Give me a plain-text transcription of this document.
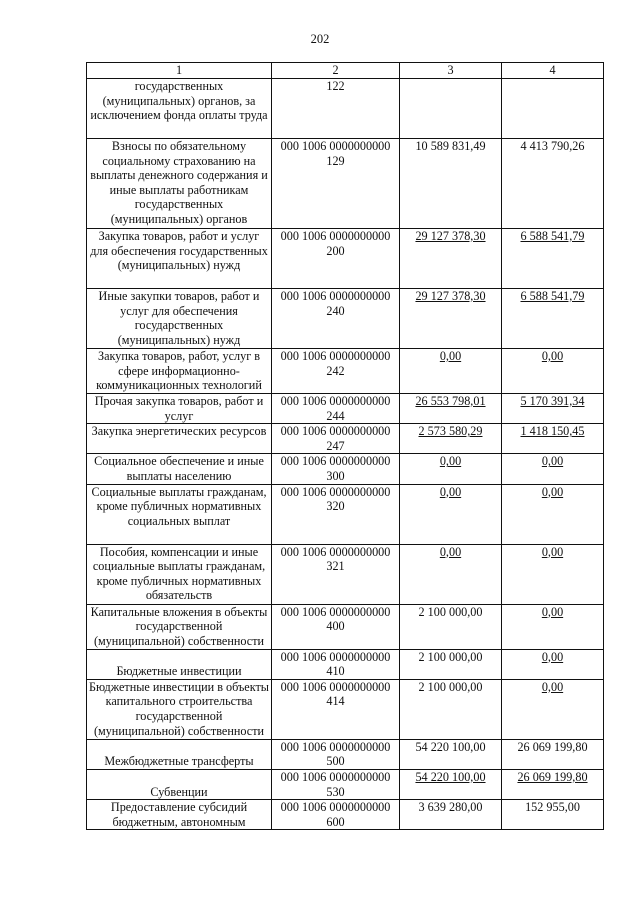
202
1	2	3	4
государственных (муниципальных) органов, за исключением фонда оплаты труда	122		
Взносы по обязательному социальному страхованию на выплаты денежного содержания и иные выплаты работникам государственных (муниципальных) органов	000 1006 0000000000 129	10 589 831,49	4 413 790,26
Закупка товаров, работ и услуг для обеспечения государственных (муниципальных) нужд	000 1006 0000000000 200	29 127 378,30	6 588 541,79
Иные закупки товаров, работ и услуг для обеспечения государственных (муниципальных) нужд	000 1006 0000000000 240	29 127 378,30	6 588 541,79
Закупка товаров, работ, услуг в сфере информационно-коммуникационных технологий	000 1006 0000000000 242	0,00	0,00
Прочая закупка товаров, работ и услуг	000 1006 0000000000 244	26 553 798,01	5 170 391,34
Закупка энергетических ресурсов	000 1006 0000000000 247	2 573 580,29	1 418 150,45
Социальное обеспечение и иные выплаты населению	000 1006 0000000000 300	0,00	0,00
Социальные выплаты гражданам, кроме публичных нормативных социальных выплат	000 1006 0000000000 320	0,00	0,00
Пособия, компенсации и иные социальные выплаты гражданам, кроме публичных нормативных обязательств	000 1006 0000000000 321	0,00	0,00
Капитальные вложения в объекты государственной (муниципальной) собственности	000 1006 0000000000 400	2 100 000,00	0,00
Бюджетные инвестиции	000 1006 0000000000 410	2 100 000,00	0,00
Бюджетные инвестиции в объекты капитального строительства государственной (муниципальной) собственности	000 1006 0000000000 414	2 100 000,00	0,00
Межбюджетные трансферты	000 1006 0000000000 500	54 220 100,00	26 069 199,80
Субвенции	000 1006 0000000000 530	54 220 100,00	26 069 199,80
Предоставление субсидий бюджетным, автономным	000 1006 0000000000 600	3 639 280,00	152 955,00
